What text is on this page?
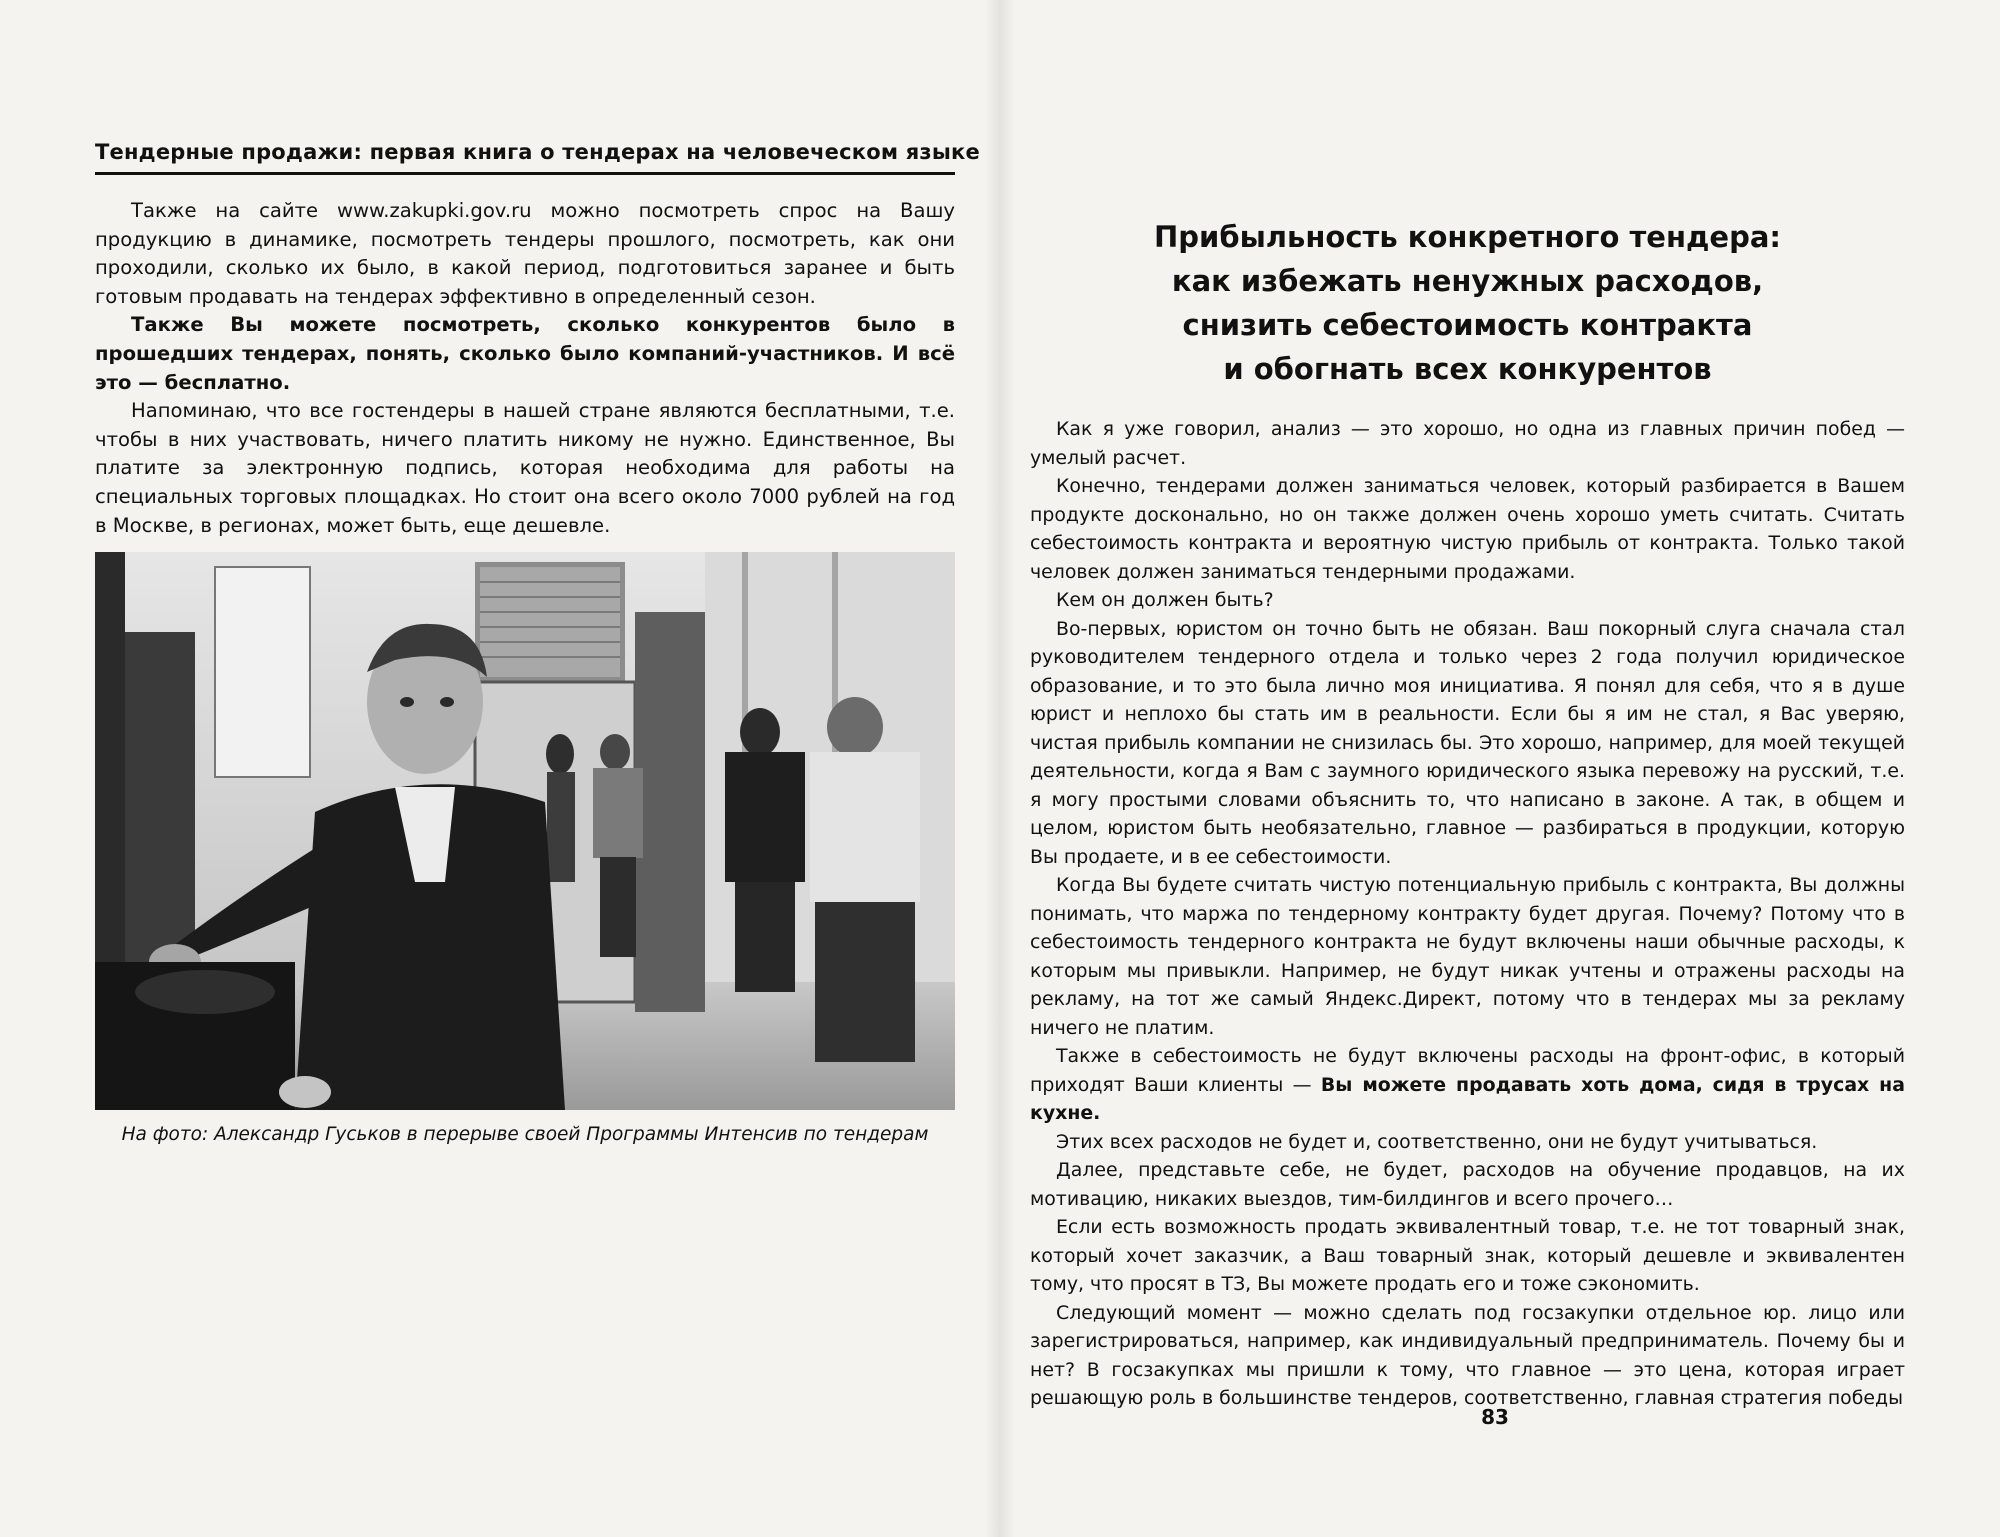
Тендерные продажи: первая книга о тендерах на человеческом языке

Также на сайте www.zakupki.gov.ru можно посмотреть спрос на Вашу продукцию в динамике, посмотреть тендеры прошлого, посмотреть, как они проходили, сколько их было, в какой период, подготовиться заранее и быть готовым продавать на тендерах эффективно в определенный сезон.

Также Вы можете посмотреть, сколько конкурентов было в прошедших тендерах, понять, сколько было компаний-участников. И всё это — бесплатно.

Напоминаю, что все гостендеры в нашей стране являются бесплатными, т.е. чтобы в них участвовать, ничего платить никому не нужно. Единственное, Вы платите за электронную подпись, которая необходима для работы на специальных торговых площадках. Но стоит она всего около 7000 рублей на год в Москве, в регионах, может быть, еще дешевле.

На фото: Александр Гуськов в перерыве своей Программы Интенсив по тендерам
Прибыльность конкретного тендера:
как избежать ненужных расходов,
снизить себестоимость контракта
и обогнать всех конкурентов

Как я уже говорил, анализ — это хорошо, но одна из главных причин побед — умелый расчет.

Конечно, тендерами должен заниматься человек, который разбирается в Вашем продукте досконально, но он также должен очень хорошо уметь считать. Считать себестоимость контракта и вероятную чистую прибыль от контракта. Только такой человек должен заниматься тендерными продажами.

Кем он должен быть?

Во-первых, юристом он точно быть не обязан. Ваш покорный слуга сначала стал руководителем тендерного отдела и только через 2 года получил юридическое образование, и то это была лично моя инициатива. Я понял для себя, что я в душе юрист и неплохо бы стать им в реальности. Если бы я им не стал, я Вас уверяю, чистая прибыль компании не снизилась бы. Это хорошо, например, для моей текущей деятельности, когда я Вам с заумного юридического языка перевожу на русский, т.е. я могу простыми словами объяснить то, что написано в законе. А так, в общем и целом, юристом быть необязательно, главное — разбираться в продукции, которую Вы продаете, и в ее себестоимости.

Когда Вы будете считать чистую потенциальную прибыль с контракта, Вы должны понимать, что маржа по тендерному контракту будет другая. Почему? Потому что в себестоимость тендерного контракта не будут включены наши обычные расходы, к которым мы привыкли. Например, не будут никак учтены и отражены расходы на рекламу, на тот же самый Яндекс.Директ, потому что в тендерах мы за рекламу ничего не платим.

Также в себестоимость не будут включены расходы на фронт-офис, в который приходят Ваши клиенты — Вы можете продавать хоть дома, сидя в трусах на кухне.

Этих всех расходов не будет и, соответственно, они не будут учитываться.

Далее, представьте себе, не будет, расходов на обучение продавцов, на их мотивацию, никаких выездов, тим-билдингов и всего прочего…

Если есть возможность продать эквивалентный товар, т.е. не тот товарный знак, который хочет заказчик, а Ваш товарный знак, который дешевле и эквивалентен тому, что просят в ТЗ, Вы можете продать его и тоже сэкономить.

Следующий момент — можно сделать под госзакупки отдельное юр. лицо или зарегистрироваться, например, как индивидуальный предприниматель. Почему бы и нет? В госзакупках мы пришли к тому, что главное — это цена, которая играет решающую роль в большинстве тендеров, соответственно, главная стратегия победы

83
